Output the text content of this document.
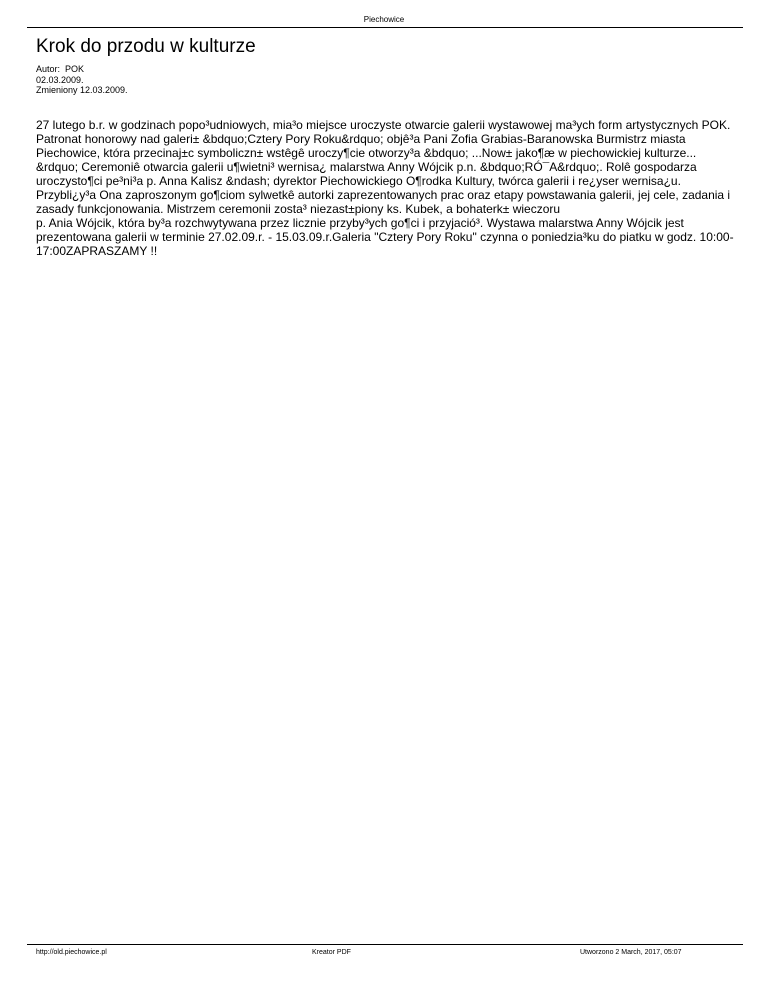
Piechowice
Krok do przodu w kulturze
Autor:  POK
02.03.2009.
Zmieniony 12.03.2009.

27 lutego b.r. w godzinach popo³udniowych, mia³o miejsce uroczyste otwarcie galerii wystawowej ma³ych form artystycznych POK. Patronat honorowy nad galeri± &bdquo;Cztery Pory Roku&rdquo; objê³a Pani Zofia Grabias-Baranowska Burmistrz miasta Piechowice, która przecinaj±c symboliczn± wstêgê uroczy¶cie otworzy³a &bdquo; ...Now± jako¶æ w piechowickiej kulturze... &rdquo; Ceremoniê otwarcia galerii u¶wietni³ wernisa¿ malarstwa Anny Wójcik p.n. &bdquo;RÓ¯A&rdquo;. Rolê gospodarza uroczysto¶ci pe³ni³a p. Anna Kalisz &ndash; dyrektor Piechowickiego O¶rodka Kultury, twórca galerii i re¿yser wernisa¿u. Przybli¿y³a Ona zaproszonym go¶ciom sylwetkê autorki zaprezentowanych prac oraz etapy powstawania galerii, jej cele, zadania i zasady funkcjonowania. Mistrzem ceremonii zosta³ niezast±piony ks. Kubek, a bohaterk± wieczoru

p. Ania Wójcik, która by³a rozchwytywana przez licznie przyby³ych go¶ci i przyjació³. Wystawa malarstwa Anny Wójcik jest prezentowana galerii w terminie 27.02.09.r. - 15.03.09.r.Galeria "Cztery Pory Roku" czynna o poniedzia³ku do piatku w godz. 10:00-17:00ZAPRASZAMY !!

http://old.piechowice.pl	Kreator PDF	Utworzono 2 March, 2017, 05:07
